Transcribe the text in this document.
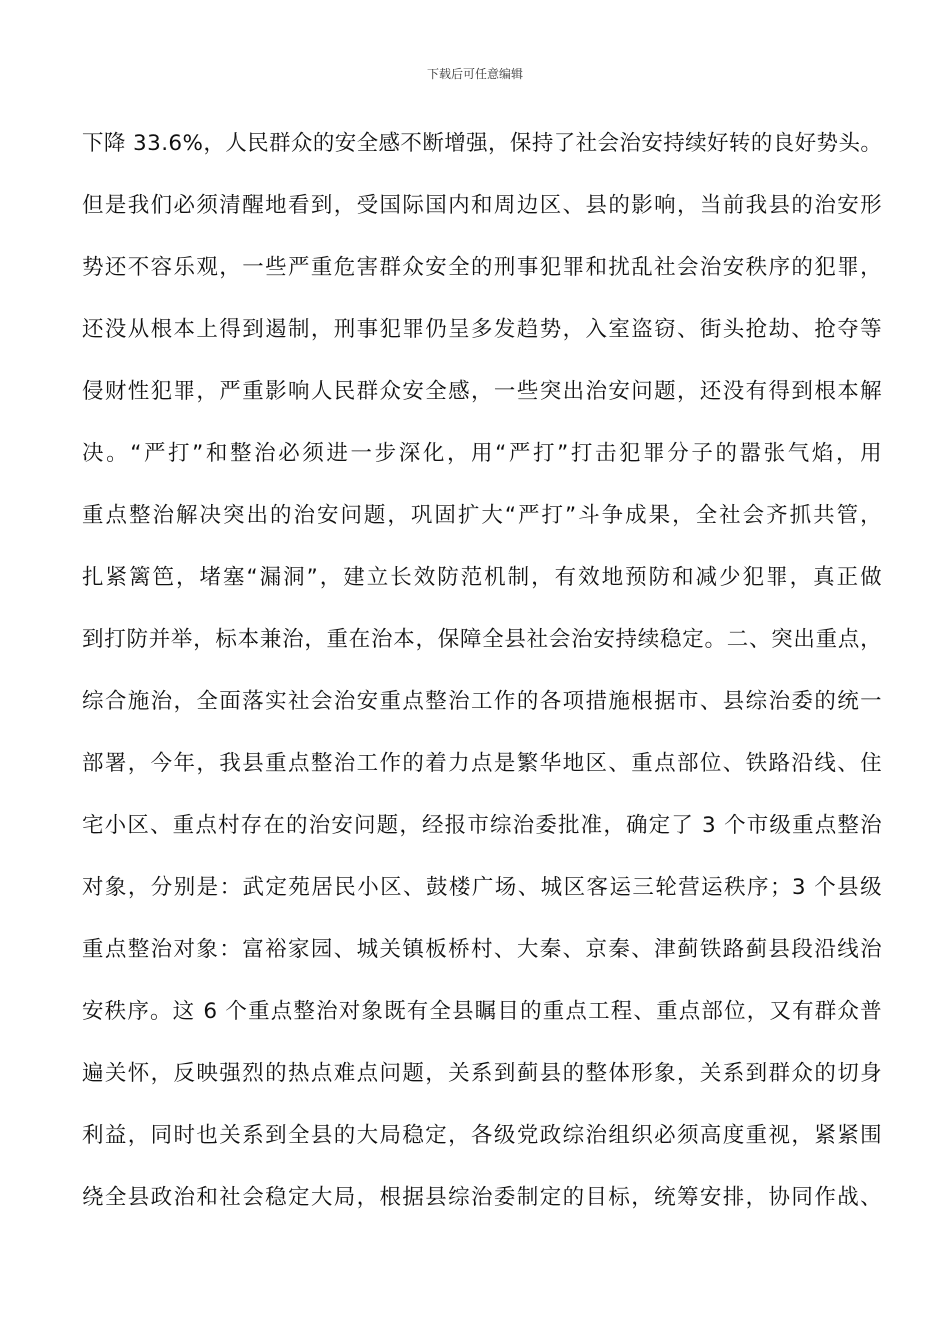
下载后可任意编辑
下降 33.6%，人民群众的安全感不断增强，保持了社会治安持续好转的良好势头。
但是我们必须清醒地看到，受国际国内和周边区、县的影响，当前我县的治安形
势还不容乐观，一些严重危害群众安全的刑事犯罪和扰乱社会治安秩序的犯罪，
还没从根本上得到遏制，刑事犯罪仍呈多发趋势，入室盗窃、街头抢劫、抢夺等
侵财性犯罪，严重影响人民群众安全感，一些突出治安问题，还没有得到根本解
决。“严打”和整治必须进一步深化，用“严打”打击犯罪分子的嚣张气焰，用
重点整治解决突出的治安问题，巩固扩大“严打”斗争成果，全社会齐抓共管，
扎紧篱笆，堵塞“漏洞”，建立长效防范机制，有效地预防和减少犯罪，真正做
到打防并举，标本兼治，重在治本，保障全县社会治安持续稳定。二、突出重点，
综合施治，全面落实社会治安重点整治工作的各项措施根据市、县综治委的统一
部署，今年，我县重点整治工作的着力点是繁华地区、重点部位、铁路沿线、住
宅小区、重点村存在的治安问题，经报市综治委批准，确定了 3 个市级重点整治
对象，分别是：武定苑居民小区、鼓楼广场、城区客运三轮营运秩序；3 个县级
重点整治对象：富裕家园、城关镇板桥村、大秦、京秦、津蓟铁路蓟县段沿线治
安秩序。这 6 个重点整治对象既有全县瞩目的重点工程、重点部位，又有群众普
遍关怀，反映强烈的热点难点问题，关系到蓟县的整体形象，关系到群众的切身
利益，同时也关系到全县的大局稳定，各级党政综治组织必须高度重视，紧紧围
绕全县政治和社会稳定大局，根据县综治委制定的目标，统筹安排，协同作战、
